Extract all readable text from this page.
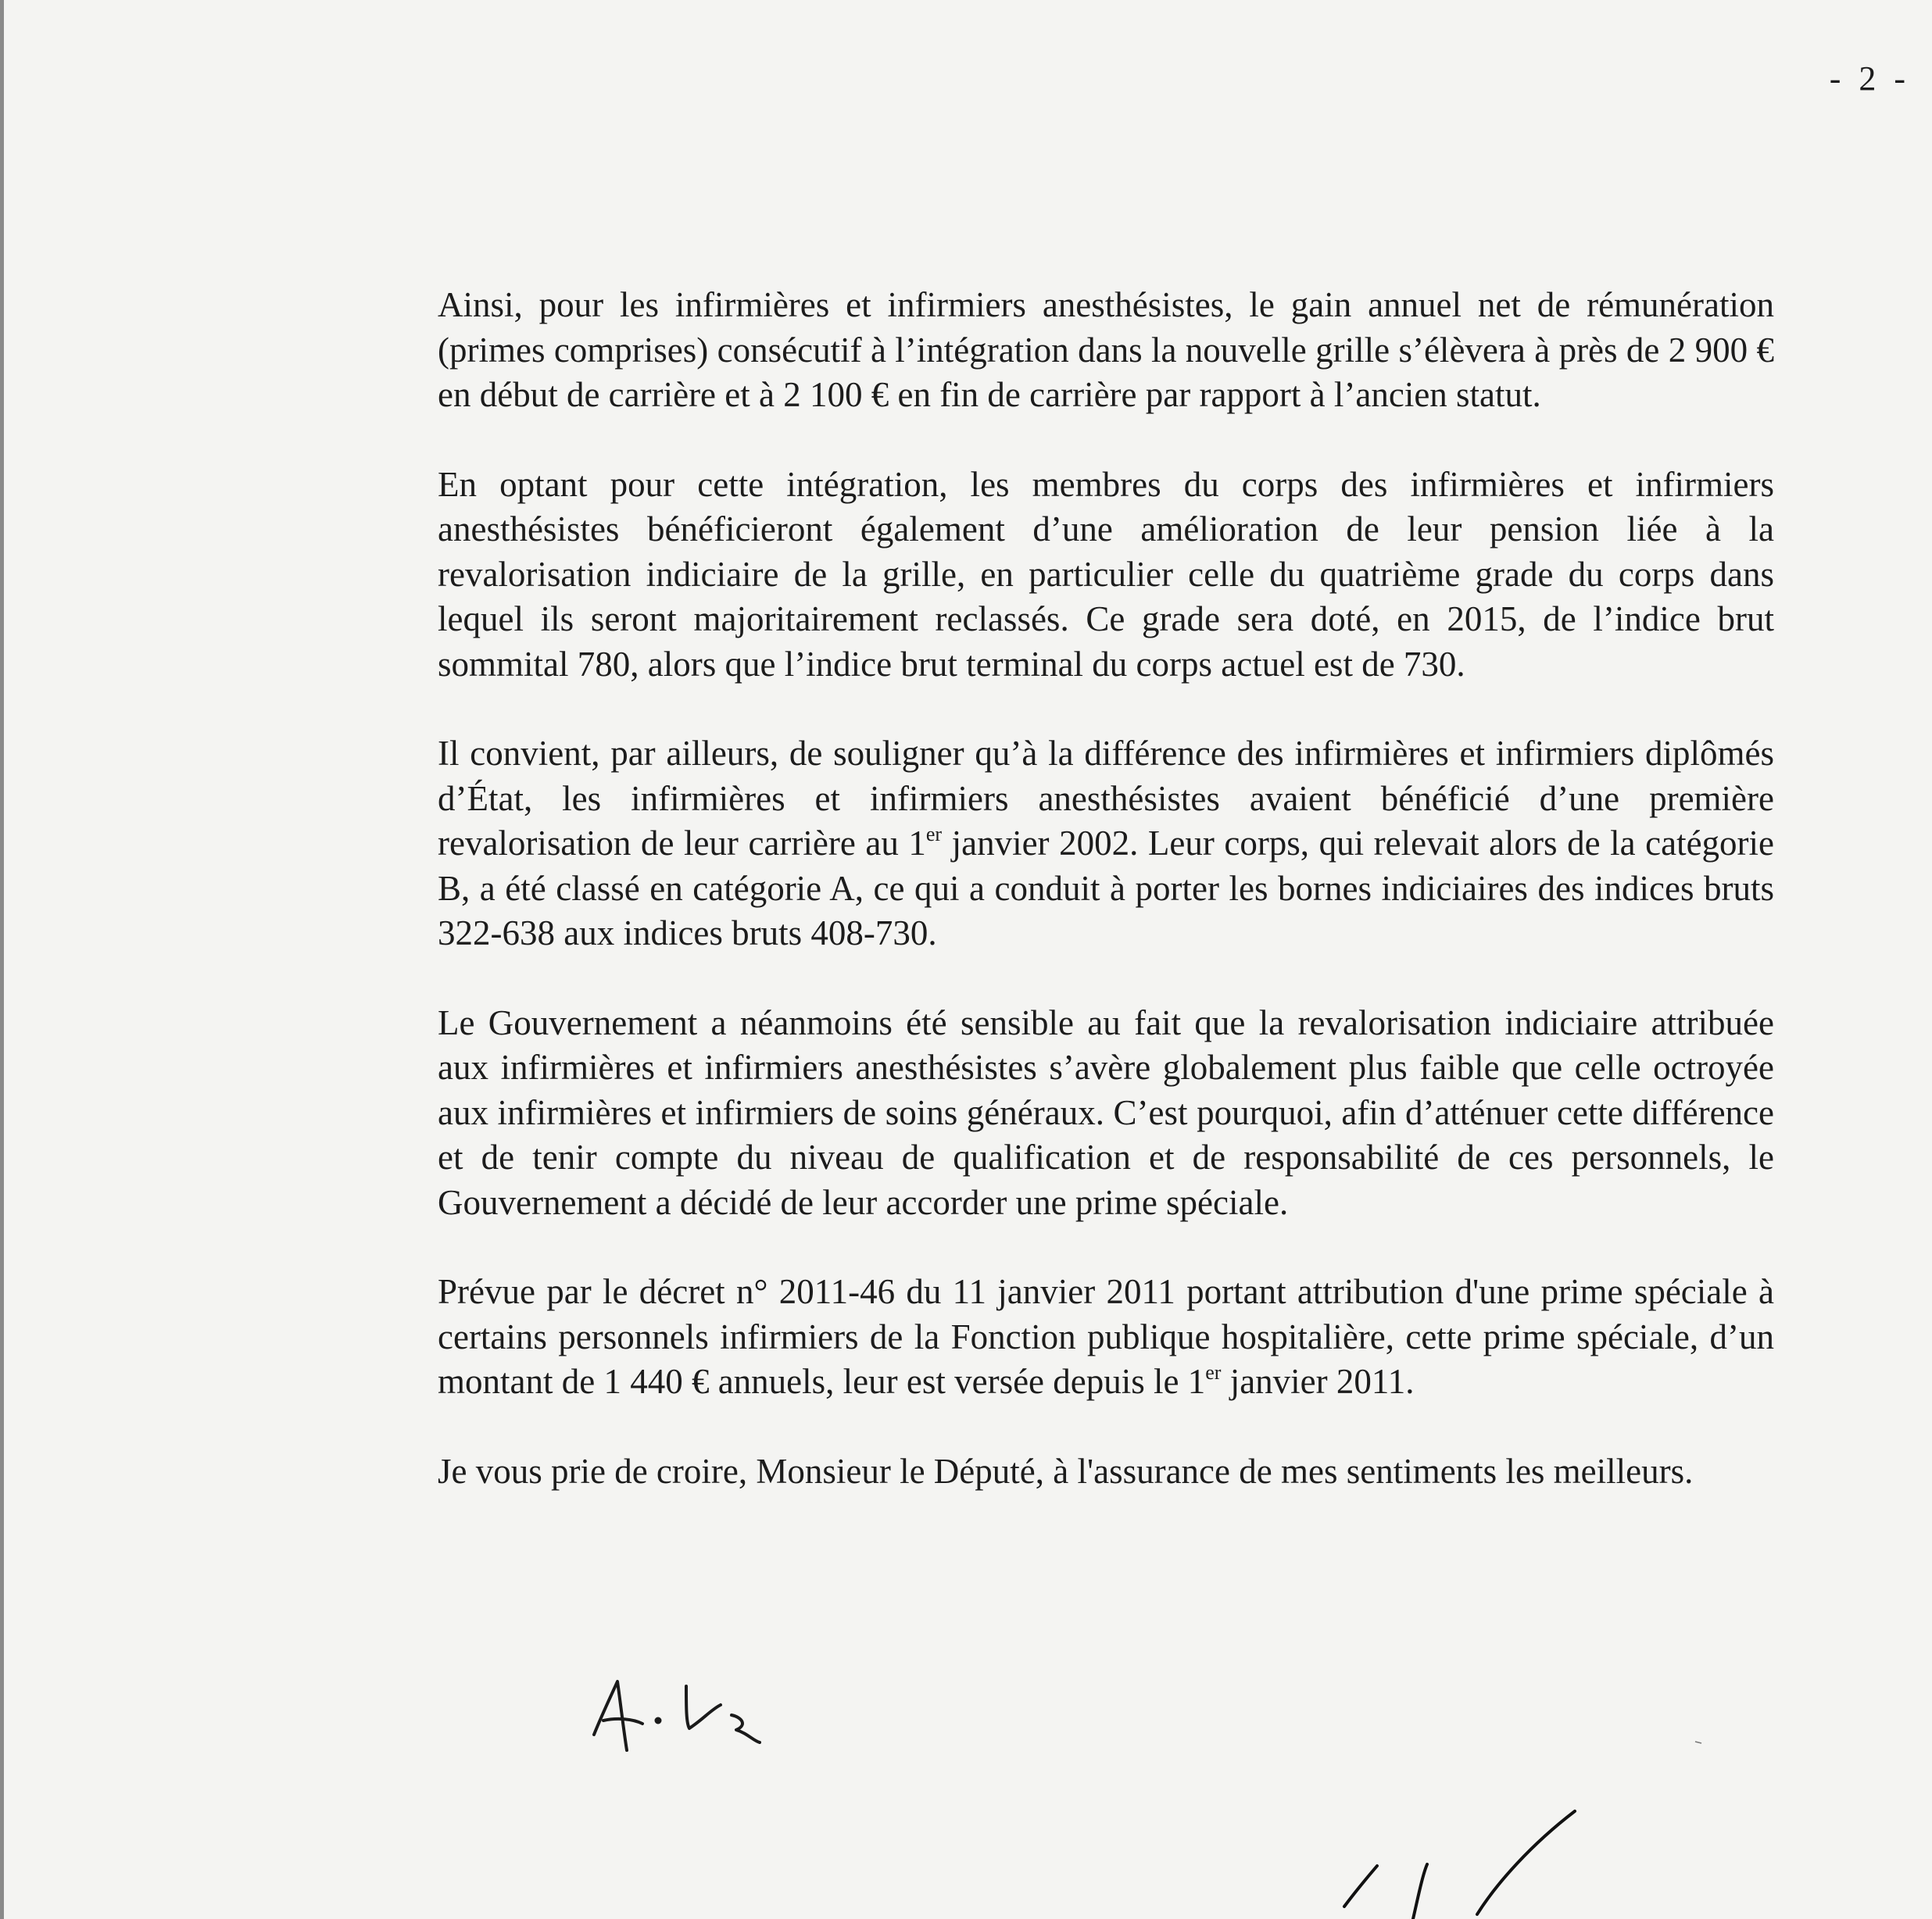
- 2 -

Ainsi, pour les infirmières et infirmiers anesthésistes, le gain annuel net de rémunération (primes comprises) consécutif à l’intégration dans la nouvelle grille s’élèvera à près de 2 900 € en début de carrière et à 2 100 € en fin de carrière par rapport à l’ancien statut.

En optant pour cette intégration, les membres du corps des infirmières et infirmiers anesthésistes bénéficieront également d’une amélioration de leur pension liée à la revalorisation indiciaire de la grille, en particulier celle du quatrième grade du corps dans lequel ils seront majoritairement reclassés. Ce grade sera doté, en 2015, de l’indice brut sommital 780, alors que l’indice brut terminal du corps actuel est de 730.

Il convient, par ailleurs, de souligner qu’à la différence des infirmières et infirmiers diplômés d’État, les infirmières et infirmiers anesthésistes avaient bénéficié d’une première revalorisation de leur carrière au 1er janvier 2002. Leur corps, qui relevait alors de la catégorie B, a été classé en catégorie A, ce qui a conduit à porter les bornes indiciaires des indices bruts 322-638 aux indices bruts 408-730.

Le Gouvernement a néanmoins été sensible au fait que la revalorisation indiciaire attribuée aux infirmières et infirmiers anesthésistes s’avère globalement plus faible que celle octroyée aux infirmières et infirmiers de soins généraux. C’est pourquoi, afin d’atténuer cette différence et de tenir compte du niveau de qualification et de responsabilité de ces personnels, le Gouvernement a décidé de leur accorder une prime spéciale.

Prévue par le décret n° 2011-46 du 11 janvier 2011 portant attribution d'une prime spéciale à certains personnels infirmiers de la Fonction publique hospitalière, cette prime spéciale, d’un montant de 1 440 € annuels, leur est versée depuis le 1er janvier 2011.

Je vous prie de croire, Monsieur le Député, à l'assurance de mes sentiments les meilleurs.
